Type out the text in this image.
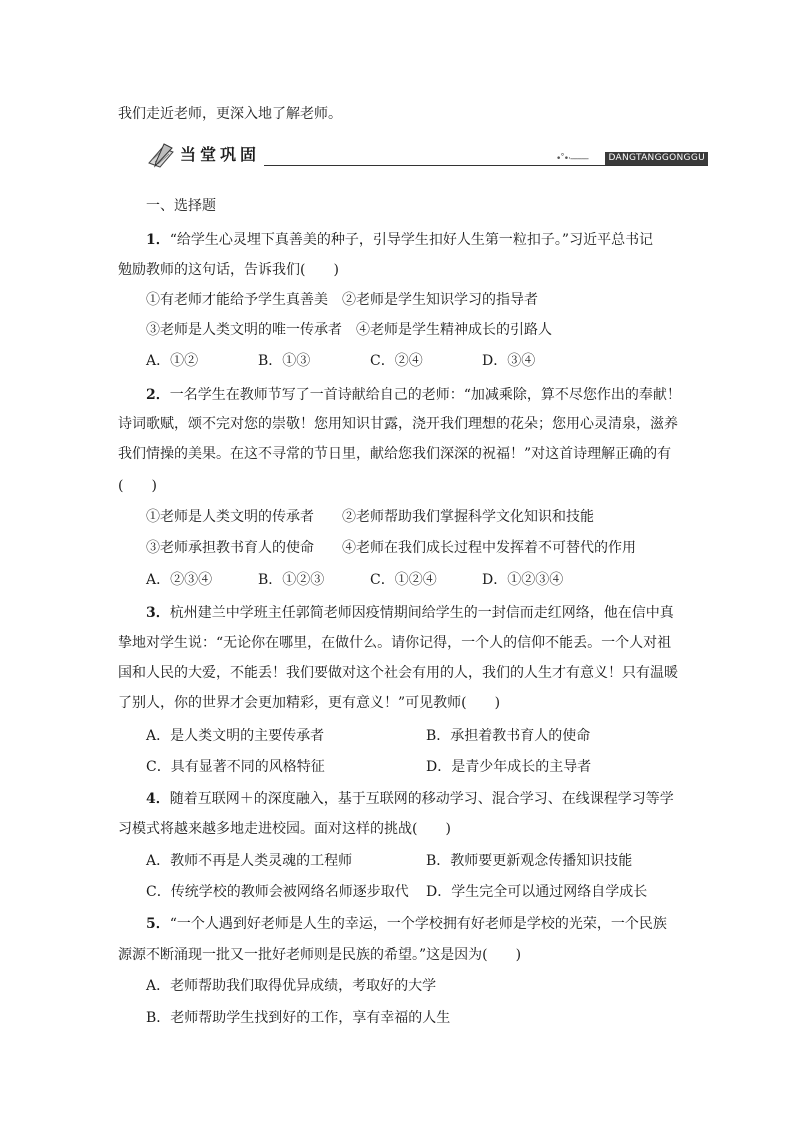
我们走近老师，更深入地了解老师。
当堂巩固	•˚•·--------	DANGTANGGONGGU
一、选择题
1．“给学生心灵埋下真善美的种子，引导学生扣好人生第一粒扣子。”习近平总书记
勉励教师的这句话，告诉我们(　　)
①有老师才能给予学生真善美　②老师是学生知识学习的指导者
③老师是人类文明的唯一传承者　④老师是学生精神成长的引路人
A．①②	B．①③	C．②④	D．③④
2．一名学生在教师节写了一首诗献给自己的老师：“加减乘除，算不尽您作出的奉献！
诗词歌赋，颂不完对您的崇敬！您用知识甘露，浇开我们理想的花朵；您用心灵清泉，滋养
我们情操的美果。在这不寻常的节日里，献给您我们深深的祝福！”对这首诗理解正确的有
(　　)
①老师是人类文明的传承者　　②老师帮助我们掌握科学文化知识和技能
③老师承担教书育人的使命　　④老师在我们成长过程中发挥着不可替代的作用
A．②③④	B．①②③	C．①②④	D．①②③④
3．杭州建兰中学班主任郭简老师因疫情期间给学生的一封信而走红网络，他在信中真
挚地对学生说：“无论你在哪里，在做什么。请你记得，一个人的信仰不能丢。一个人对祖
国和人民的大爱，不能丢！我们要做对这个社会有用的人，我们的人生才有意义！只有温暖
了别人，你的世界才会更加精彩，更有意义！”可见教师(　　)
A．是人类文明的主要传承者	B．承担着教书育人的使命
C．具有显著不同的风格特征	D．是青少年成长的主导者
4．随着互联网＋的深度融入，基于互联网的移动学习、混合学习、在线课程学习等学
习模式将越来越多地走进校园。面对这样的挑战(　　)
A．教师不再是人类灵魂的工程师	B．教师要更新观念传播知识技能
C．传统学校的教师会被网络名师逐步取代 D．学生完全可以通过网络自学成长
5．“一个人遇到好老师是人生的幸运，一个学校拥有好老师是学校的光荣，一个民族
源源不断涌现一批又一批好老师则是民族的希望。”这是因为(　　)
A．老师帮助我们取得优异成绩，考取好的大学
B．老师帮助学生找到好的工作，享有幸福的人生
